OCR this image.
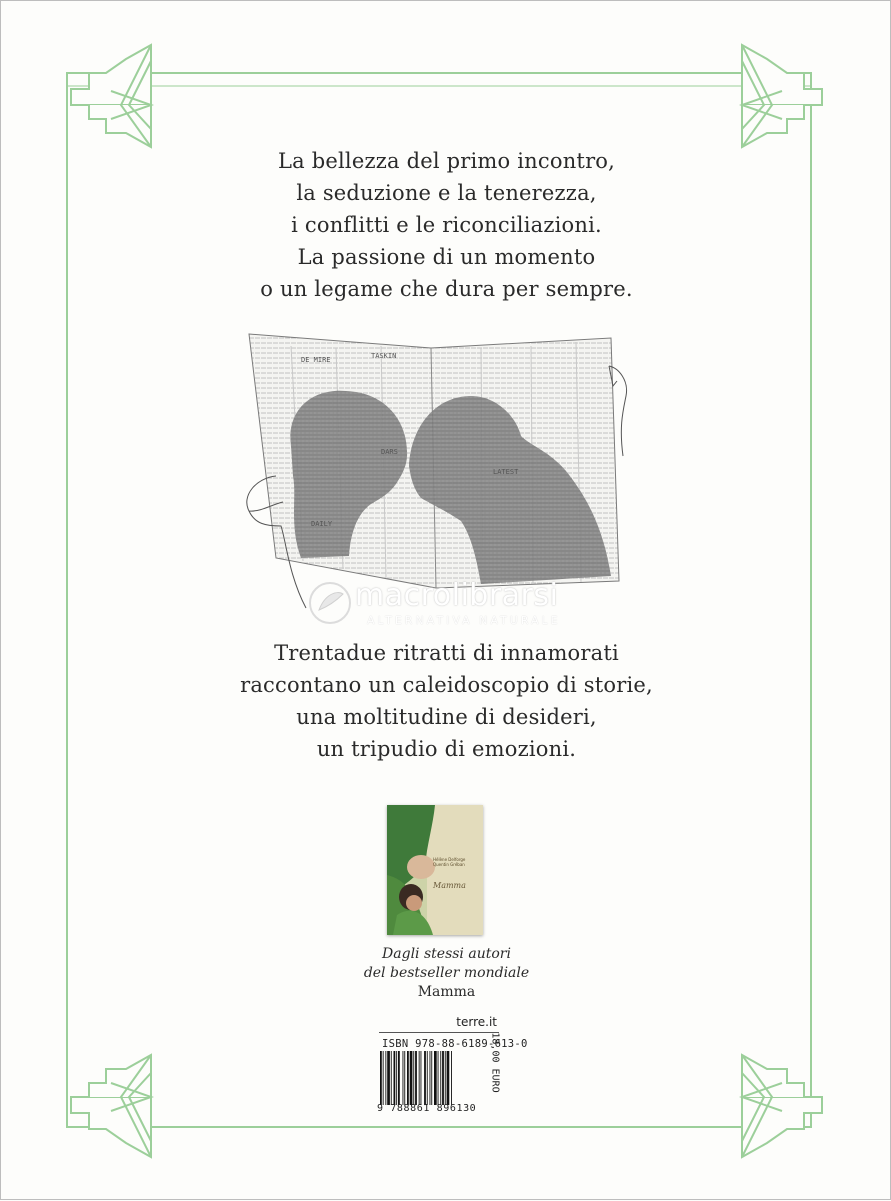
La bellezza del primo incontro,
la seduzione e la tenerezza,
i conflitti e le riconciliazioni.
La passione di un momento
o un legame che dura per sempre.
DE MIRE	TASKIN
DAILY
DARS
LATEST
macrolibrarsi
ALTERNATIVA NATURALE
Trentadue ritratti di innamorati
raccontano un caleidoscopio di storie,
una moltitudine di desideri,
un tripudio di emozioni.
Hélène Delforge
Quentin Gréban
Mamma
Dagli stessi autori
del bestseller mondiale
Mamma
terre.it
ISBN 978-88-6189-613-0
18,00 EURO
9 788861 896130
